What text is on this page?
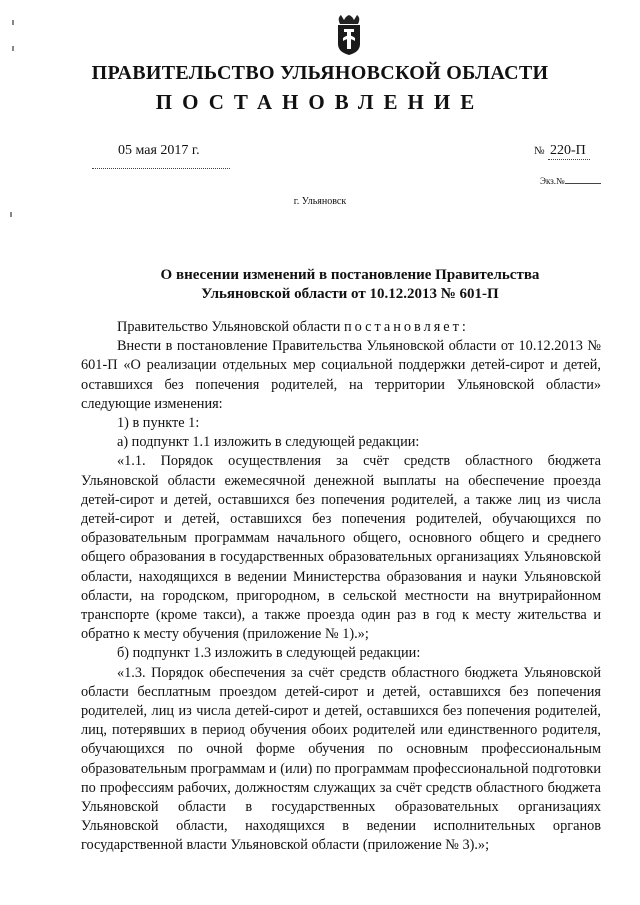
ПРАВИТЕЛЬСТВО УЛЬЯНОВСКОЙ ОБЛАСТИ
ПОСТАНОВЛЕНИЕ
05 мая 2017 г.	№ 220-П
Экз.№
г. Ульяновск
О внесении изменений в постановление Правительства
Ульяновской области от 10.12.2013 № 601-П

Правительство Ульяновской области постановляет:

Внести в постановление Правительства Ульяновской области от 10.12.2013 № 601-П «О реализации отдельных мер социальной поддержки детей-сирот и детей, оставшихся без попечения родителей, на территории Ульяновской области» следующие изменения:

1) в пункте 1:

а) подпункт 1.1 изложить в следующей редакции:

«1.1. Порядок осуществления за счёт средств областного бюджета Ульяновской области ежемесячной денежной выплаты на обеспечение проезда детей-сирот и детей, оставшихся без попечения родителей, а также лиц из числа детей-сирот и детей, оставшихся без попечения родителей, обучающихся по образовательным программам начального общего, основного общего и среднего общего образования в государственных образовательных организациях Ульяновской области, находящихся в ведении Министерства образования и науки Ульяновской области, на городском, пригородном, в сельской местности на внутрирайонном транспорте (кроме такси), а также проезда один раз в год к месту жительства и обратно к месту обучения (приложение № 1).»;

б) подпункт 1.3 изложить в следующей редакции:

«1.3. Порядок обеспечения за счёт средств областного бюджета Ульяновской области бесплатным проездом детей-сирот и детей, оставшихся без попечения родителей, лиц из числа детей-сирот и детей, оставшихся без попечения родителей, лиц, потерявших в период обучения обоих родителей или единственного родителя, обучающихся по очной форме обучения по основным профессиональным образовательным программам и (или) по программам профессиональной подготовки по профессиям рабочих, должностям служащих за счёт средств областного бюджета Ульяновской области в государственных образовательных организациях Ульяновской области, находящихся в ведении исполнительных органов государственной власти Ульяновской области (приложение № 3).»;
